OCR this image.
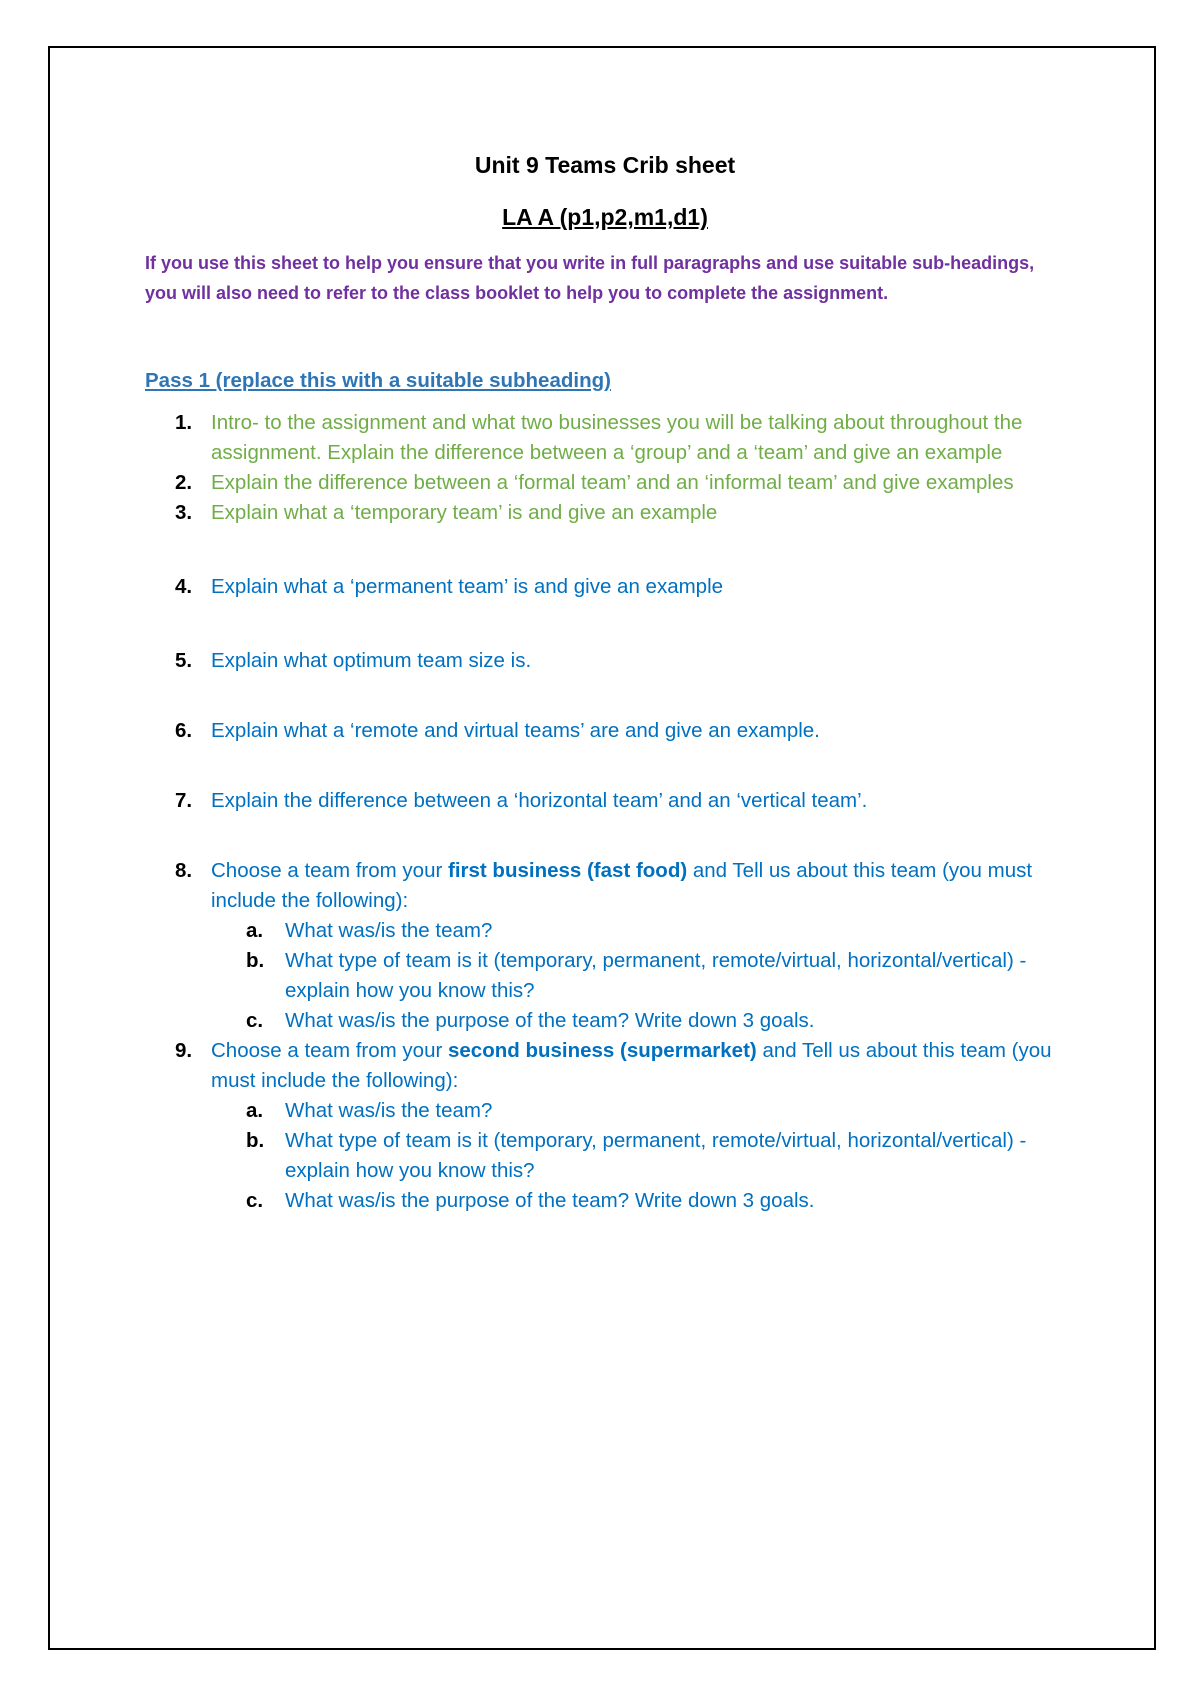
Unit 9 Teams Crib sheet
LA A (p1,p2,m1,d1)

If you use this sheet to help you ensure that you write in full paragraphs and use suitable sub-headings, you will also need to refer to the class booklet to help you to complete the assignment.

Pass 1 (replace this with a suitable subheading)
1. Intro- to the assignment and what two businesses you will be talking about throughout the assignment. Explain the difference between a ‘group’ and a ‘team’ and give an example
2. Explain the difference between a ‘formal team’ and an ‘informal team’ and give examples
3. Explain what a ‘temporary team’ is and give an example
4. Explain what a ‘permanent team’ is and give an example
5. Explain what optimum team size is.
6. Explain what a ‘remote and virtual teams’ are and give an example.
7. Explain the difference between a ‘horizontal team’ and an ‘vertical team’.
8. Choose a team from your first business (fast food) and Tell us about this team (you must include the following):
a. What was/is the team?
b. What type of team is it (temporary, permanent, remote/virtual, horizontal/vertical) - explain how you know this?
c. What was/is the purpose of the team? Write down 3 goals.
9. Choose a team from your second business (supermarket) and Tell us about this team (you must include the following):
a. What was/is the team?
b. What type of team is it (temporary, permanent, remote/virtual, horizontal/vertical) - explain how you know this?
c. What was/is the purpose of the team? Write down 3 goals.
